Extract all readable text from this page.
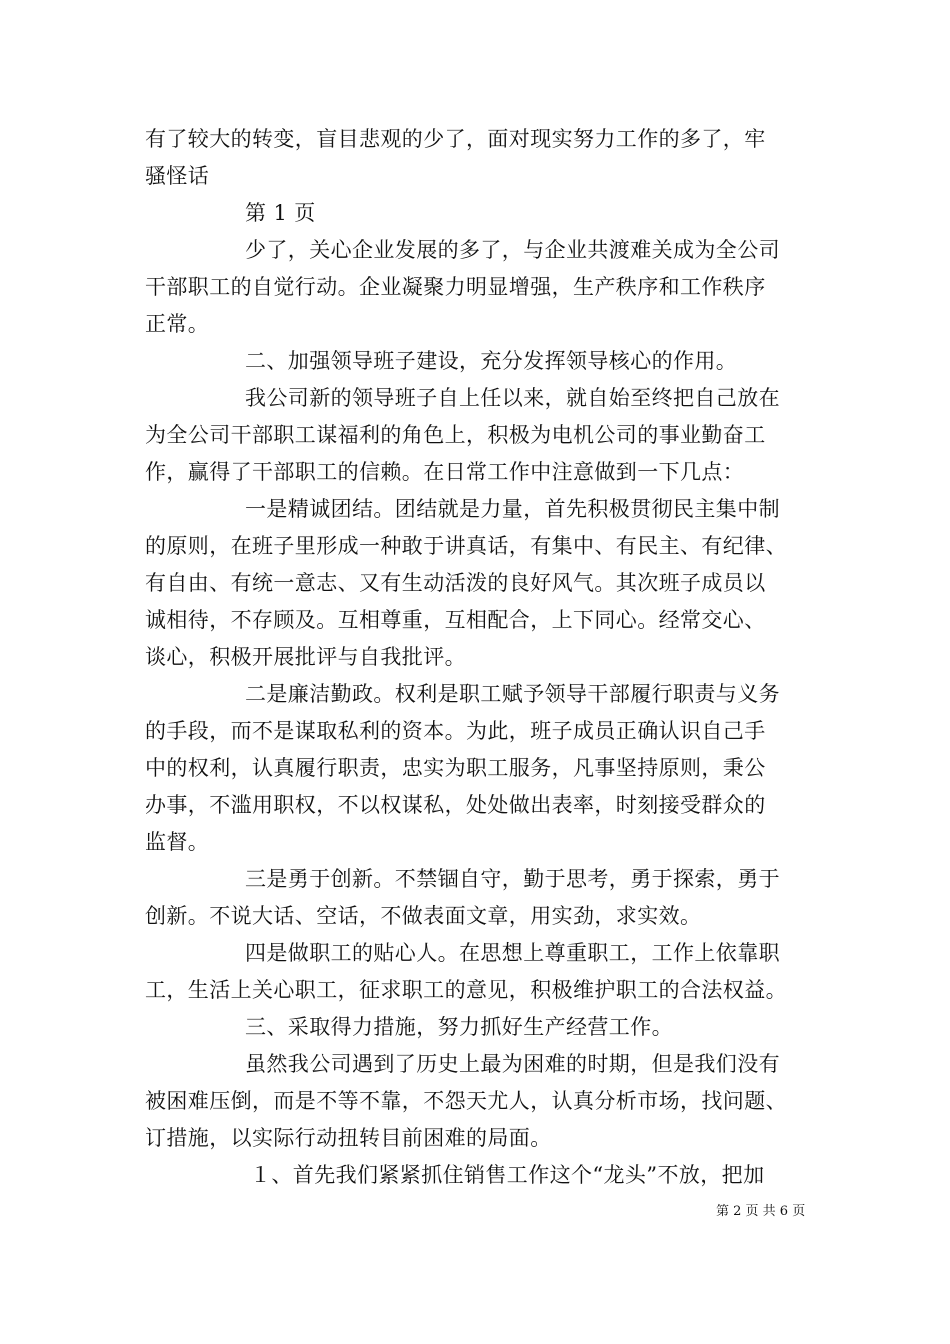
有了较大的转变，盲目悲观的少了，面对现实努力工作的多了，牢
骚怪话
第 1 页
少了，关心企业发展的多了，与企业共渡难关成为全公司
干部职工的自觉行动。企业凝聚力明显增强，生产秩序和工作秩序
正常。
二、加强领导班子建设，充分发挥领导核心的作用。
我公司新的领导班子自上任以来，就自始至终把自己放在
为全公司干部职工谋福利的角色上，积极为电机公司的事业勤奋工
作，赢得了干部职工的信赖。在日常工作中注意做到一下几点：
一是精诚团结。团结就是力量，首先积极贯彻民主集中制
的原则，在班子里形成一种敢于讲真话，有集中、有民主、有纪律、
有自由、有统一意志、又有生动活泼的良好风气。其次班子成员以
诚相待，不存顾及。互相尊重，互相配合，上下同心。经常交心、
谈心，积极开展批评与自我批评。
二是廉洁勤政。权利是职工赋予领导干部履行职责与义务
的手段，而不是谋取私利的资本。为此，班子成员正确认识自己手
中的权利，认真履行职责，忠实为职工服务，凡事坚持原则，秉公
办事，不滥用职权，不以权谋私，处处做出表率，时刻接受群众的
监督。
三是勇于创新。不禁锢自守，勤于思考，勇于探索，勇于
创新。不说大话、空话，不做表面文章，用实劲，求实效。
四是做职工的贴心人。在思想上尊重职工，工作上依靠职
工，生活上关心职工，征求职工的意见，积极维护职工的合法权益。
三、采取得力措施，努力抓好生产经营工作。
虽然我公司遇到了历史上最为困难的时期，但是我们没有
被困难压倒，而是不等不靠，不怨天尤人，认真分析市场，找问题、
订措施，以实际行动扭转目前困难的局面。
１、首先我们紧紧抓住销售工作这个“龙头”不放，把加
第 2 页 共 6 页
